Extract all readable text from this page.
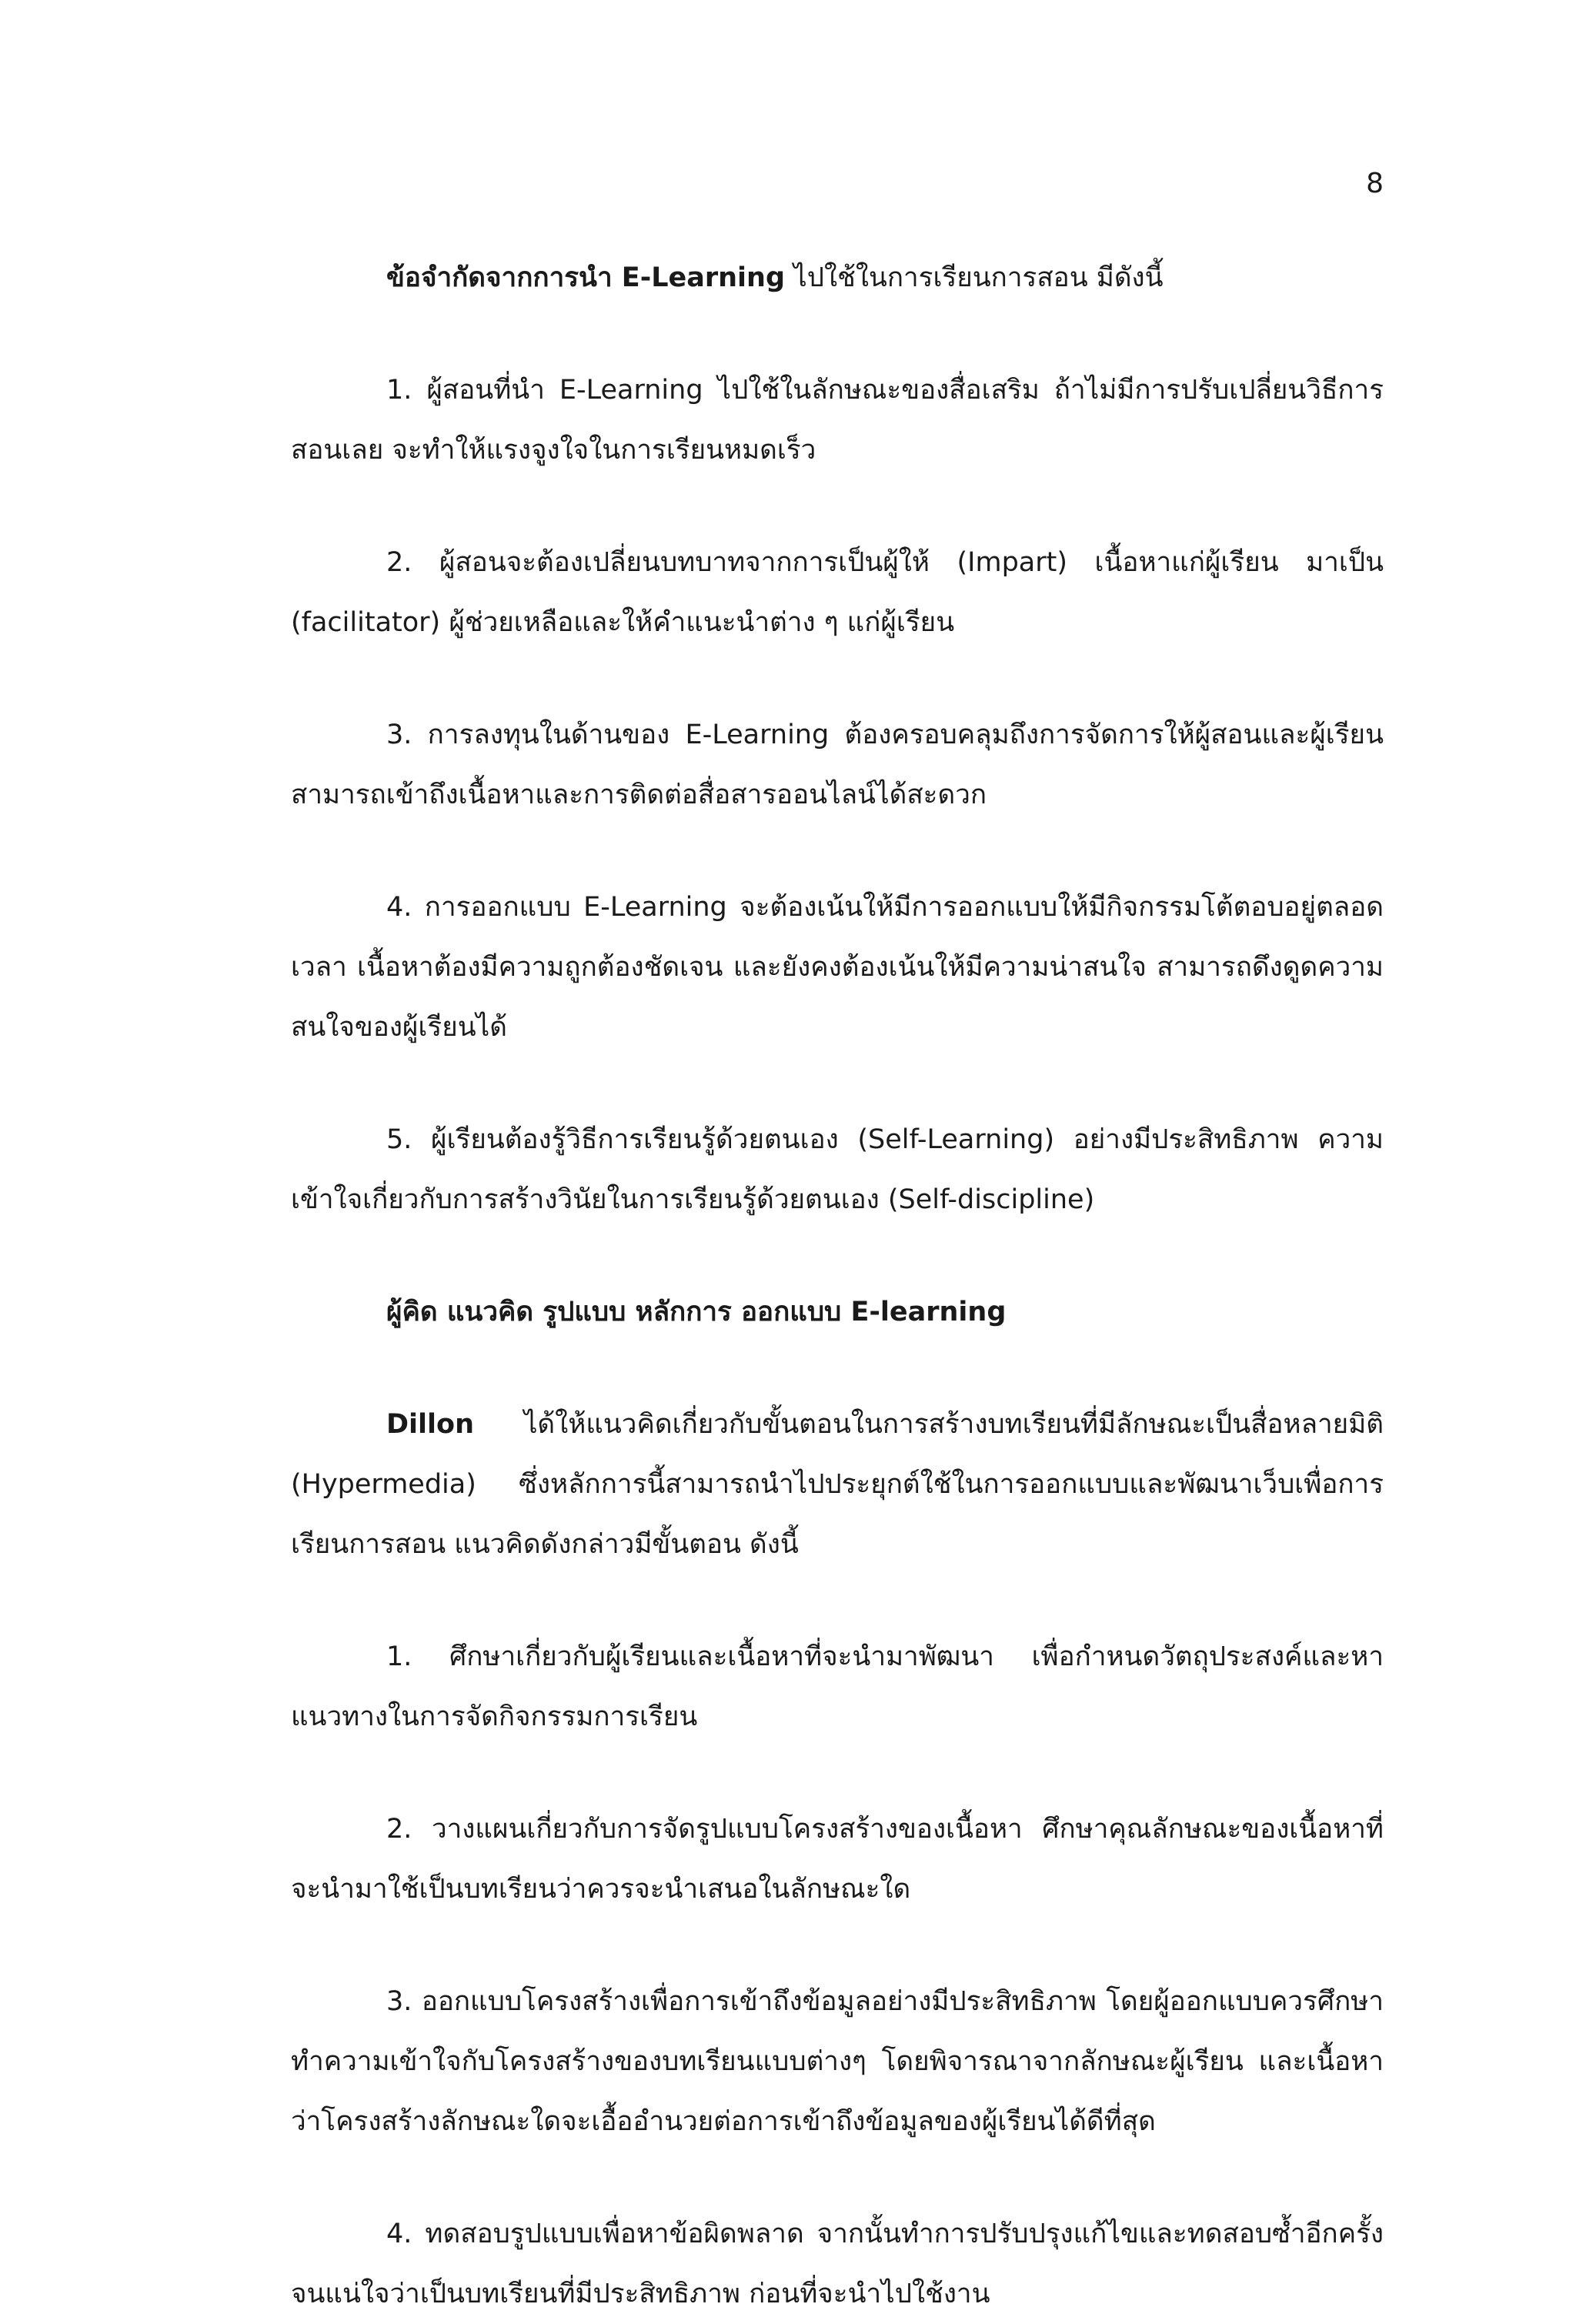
8

ข้อจำกัดจากการนำ E-Learning ไปใช้ในการเรียนการสอน มีดังนี้

1. ผู้สอนที่นำ E-Learning ไปใช้ในลักษณะของสื่อเสริม ถ้าไม่มีการปรับเปลี่ยนวิธีการสอนเลย จะทำให้แรงจูงใจในการเรียนหมดเร็ว

2. ผู้สอนจะต้องเปลี่ยนบทบาทจากการเป็นผู้ให้ (Impart) เนื้อหาแก่ผู้เรียน มาเป็น (facilitator) ผู้ช่วยเหลือและให้คำแนะนำต่าง ๆ แก่ผู้เรียน

3. การลงทุนในด้านของ E-Learning ต้องครอบคลุมถึงการจัดการให้ผู้สอนและผู้เรียนสามารถเข้าถึงเนื้อหาและการติดต่อสื่อสารออนไลน์ได้สะดวก

4. การออกแบบ E-Learning จะต้องเน้นให้มีการออกแบบให้มีกิจกรรมโต้ตอบอยู่ตลอดเวลา เนื้อหาต้องมีความถูกต้องชัดเจน และยังคงต้องเน้นให้มีความน่าสนใจ สามารถดึงดูดความสนใจของผู้เรียนได้

5. ผู้เรียนต้องรู้วิธีการเรียนรู้ด้วยตนเอง (Self-Learning) อย่างมีประสิทธิภาพ ความเข้าใจเกี่ยวกับการสร้างวินัยในการเรียนรู้ด้วยตนเอง (Self-discipline)

ผู้คิด แนวคิด รูปแบบ หลักการ ออกแบบ E-learning

Dillon ได้ให้แนวคิดเกี่ยวกับขั้นตอนในการสร้างบทเรียนที่มีลักษณะเป็นสื่อหลายมิติ (Hypermedia) ซึ่งหลักการนี้สามารถนำไปประยุกต์ใช้ในการออกแบบและพัฒนาเว็บเพื่อการเรียนการสอน แนวคิดดังกล่าวมีขั้นตอน ดังนี้

1. ศึกษาเกี่ยวกับผู้เรียนและเนื้อหาที่จะนำมาพัฒนา เพื่อกำหนดวัตถุประสงค์และหาแนวทางในการจัดกิจกรรมการเรียน

2. วางแผนเกี่ยวกับการจัดรูปแบบโครงสร้างของเนื้อหา ศึกษาคุณลักษณะของเนื้อหาที่จะนำมาใช้เป็นบทเรียนว่าควรจะนำเสนอในลักษณะใด

3. ออกแบบโครงสร้างเพื่อการเข้าถึงข้อมูลอย่างมีประสิทธิภาพ โดยผู้ออกแบบควรศึกษาทำความเข้าใจกับโครงสร้างของบทเรียนแบบต่างๆ โดยพิจารณาจากลักษณะผู้เรียน และเนื้อหาว่าโครงสร้างลักษณะใดจะเอื้ออำนวยต่อการเข้าถึงข้อมูลของผู้เรียนได้ดีที่สุด

4. ทดสอบรูปแบบเพื่อหาข้อผิดพลาด จากนั้นทำการปรับปรุงแก้ไขและทดสอบซ้ำอีกครั้งจนแน่ใจว่าเป็นบทเรียนที่มีประสิทธิภาพ ก่อนที่จะนำไปใช้งาน
